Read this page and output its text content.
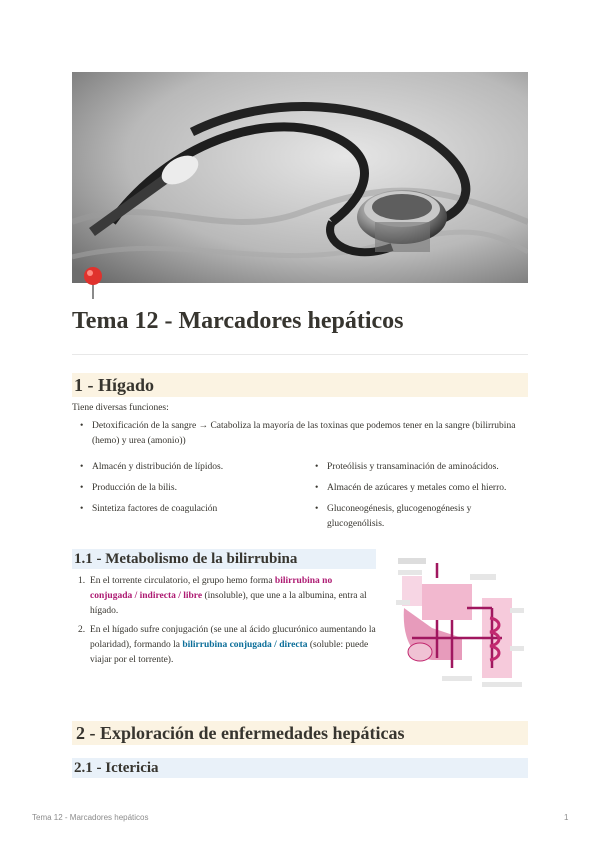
Tema 12 - Marcadores hepáticos
1 - Hígado
Tiene diversas funciones:
• Detoxificación de la sangre → Cataboliza la mayoría de las toxinas que podemos tener en la sangre (bilirrubina (hemo) y urea (amonio))
• Almacén y distribución de lípidos.
• Producción de la bilis.
• Sintetiza factores de coagulación
• Proteólisis y transaminación de aminoácidos.
• Almacén de azúcares y metales como el hierro.
• Gluconeogénesis, glucogenogénesis y glucogenólisis.
1.1 - Metabolismo de la bilirrubina
1. En el torrente circulatorio, el grupo hemo forma bilirrubina no conjugada / indirecta / libre (insoluble), que une a la albumina, entra al hígado.
2. En el hígado sufre conjugación (se une al ácido glucurónico aumentando la polaridad), formando la bilirrubina conjugada / directa (soluble: puede viajar por el torrente).
2 - Exploración de enfermedades hepáticas
2.1 - Ictericia
Tema 12 - Marcadores hepáticos	1
